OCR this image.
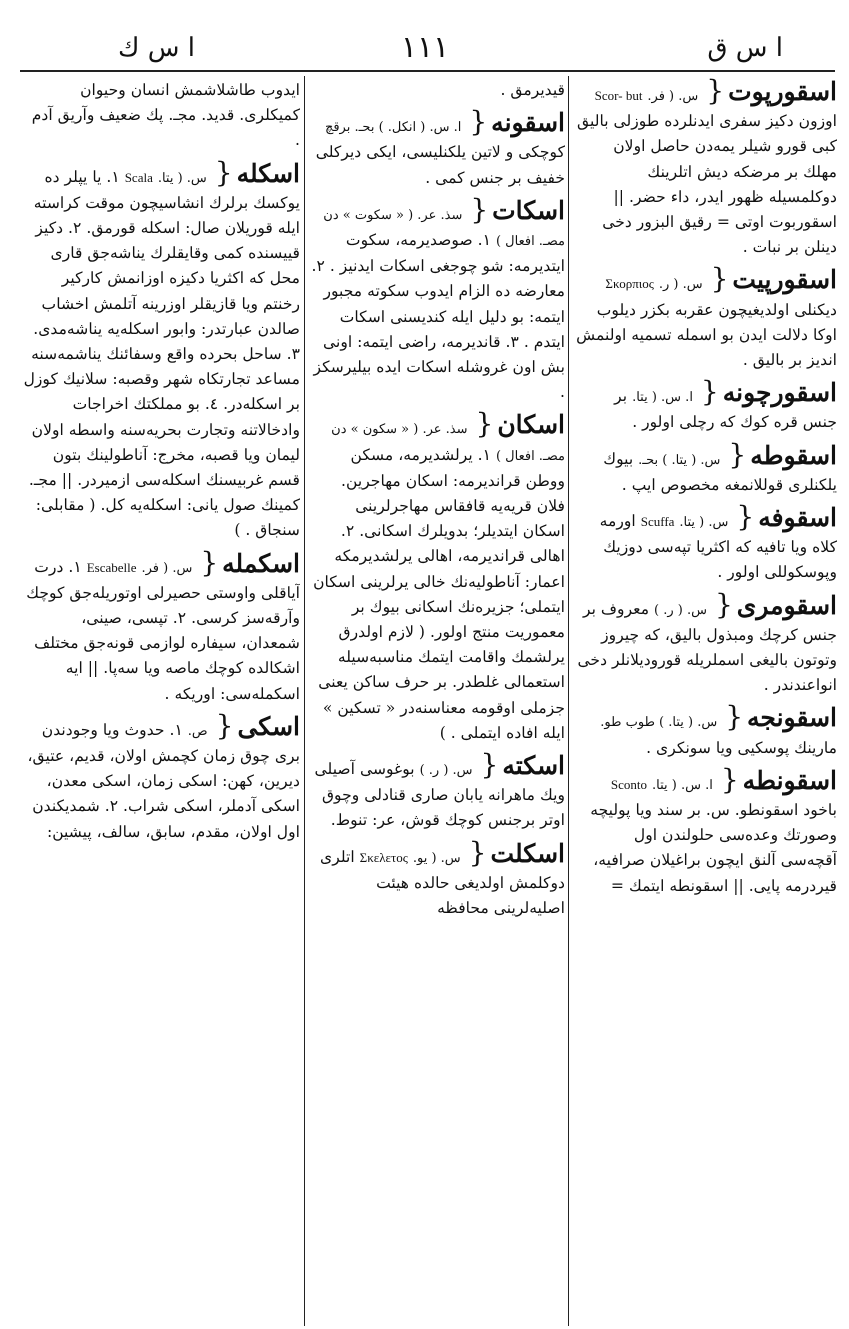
ا س ك	١١١	ا س ق
اسقورپوت{ س. ( فر. Scor- but اوزون دكيز سفرى ايدنلرده طوزلى باليق كبى قورو شيلر يمه‌دن حاصل اولان مهلك بر مرضكه ديش اتلرينك دوكلمسيله ظهور ايدر، داء حضر. || اسقوربوت اوتى = رقيق البزور دخى دينلن بر نبات .
اسقورپيت{ س. ( ر. Σκορπιος ديكنلى اولديغيچون عقربه بكزر ديلوب اوكا دلالت ايدن بو اسمله تسميه اولنمش انديز بر باليق .
اسقورچونه{ ا. س. ( يتا. بر جنس قره كوك كه رچلى اولور .
اسقوطه{ س. ( يتا. ) بحـ. بيوك يلكنلرى قوللانمغه مخصوص ايپ .
اسقوفه{ س. ( يتا. Scuffa اورمه كلاه ويا تافيه كه اكثريا تپه‌سى دوزيك وپوسكوللى اولور .
اسقومرى{ س. ( ر. ) معروف بر جنس كرچك ومبذول باليق، كه چيروز وتوتون باليغى اسملريله قوروديلانلر دخى انواعندندر .
اسقونجه{ س. ( يتا. ) طوب طو. مارينك پوسكيى ويا سونكرى .
اسقونطه{ ا. س. ( يتا. Sconto باخود اسقونطو. س. بر سند ويا پوليچه وصورتك وعده‌سى حلولندن اول آقچه‌سى آلنق ايچون براغيلان صرافيه، قيردرمه پايى. || اسقونطه ايتمك =
قيديرمق .
اسقونه{ ا. س. ( انكل. ) بحـ. برقچ كوچكى و لاتين يلكنليسى، ايكى ديركلى خفيف بر جنس كمى .
اسكات{ سذ. عر. ( « سكوت » دن مصـ. افعال ) ١. صوصديرمه، سكوت ايتديرمه: شو چوجغى اسكات ايدنيز . ٢. معارضه ده الزام ايدوب سكوته مجبور ايتمه: بو دليل ايله كنديسنى اسكات ايتدم . ٣. قانديرمه، راضى ايتمه: اونى بش اون غروشله اسكات ايده بيليرسكز .
اسكان{ سذ. عر. ( « سكون » دن مصـ. افعال ) ١. يرلشديرمه، مسكن ووطن قرانديرمه: اسكان مهاجرين. فلان قريه‌يه قافقاس مهاجرلرينى اسكان ايتديلر؛ بدويلرك اسكانى. ٢. اهالى قرانديرمه، اهالى يرلشديرمكه اعمار: آناطوليه‌نك خالى يرلرينى اسكان ايتملى؛ جزيره‌نك اسكانى بيوك بر معموريت منتج اولور. ( لازم اولدرق يرلشمك واقامت ايتمك مناسبه‌سيله استعمالى غلطدر. بر حرف ساكن يعنى جزملى اوقومه معناسنه‌در « تسكين » ايله افاده ايتملى . )
اسكته{ س. ( ر. ) بوغوسى آصيلى ويك ماهرانه يابان صارى قنادلى وچوق اوتر برجنس كوچك قوش، عر: تنوط.
اسكلت{ س. ( يو. Σκελετος اتلرى دوكلمش اولديغى حالده هيئت اصليه‌لرينى محافظه
ايدوب طاشلاشمش انسان وحيوان كميكلرى. قديد. مجـ. پك ضعيف وآريق آدم .
اسكله{ س. ( يتا. Scala ١. يا يپلر ده يوكسك برلرك انشاسيچون موقت كراسته ايله قوريلان صال: اسكله قورمق. ٢. دكيز قييسنده كمى وقايقلرك يناشه‌جق قارى محل كه اكثريا دكيزه اوزانمش كاركير رخنتم ويا قازيقلر اوزرينه آتلمش اخشاب صالدن عبارتدر: وابور اسكله‌يه يناشه‌مدى. ٣. ساحل بحرده واقع وسفائنك يناشمه‌سنه مساعد تجارتكاه شهر وقصبه: سلانيك كوزل بر اسكله‌در. ٤. بو مملكتك اخراجات وادخالاتنه وتجارت بحريه‌سنه واسطه اولان ليمان ويا قصبه، مخرج: آناطولينك بتون قسم غربيسنك اسكله‌سى ازميردر. || مجـ. كمينك صول يانى: اسكله‌يه كل. ( مقابلى: سنجاق . )
اسكمله{ س. ( فر. Escabelle ١. درت آياقلى واوستى حصيرلى اوتوريله‌جق كوچك وآرقه‌سز كرسى. ٢. تپسى، صينى، شمعدان، سيفاره لوازمى قونه‌جق مختلف اشكالده كوچك ماصه ويا سه‌پا. || ايه اسكمله‌سى: اوريكه .
اسكى{ ص. ١. حدوث ويا وجودندن برى چوق زمان كچمش اولان، قديم، عتيق، ديرين، كهن: اسكى زمان، اسكى معدن، اسكى آدملر، اسكى شراب. ٢. شمديكندن اول اولان، مقدم، سابق، سالف، پيشين:
